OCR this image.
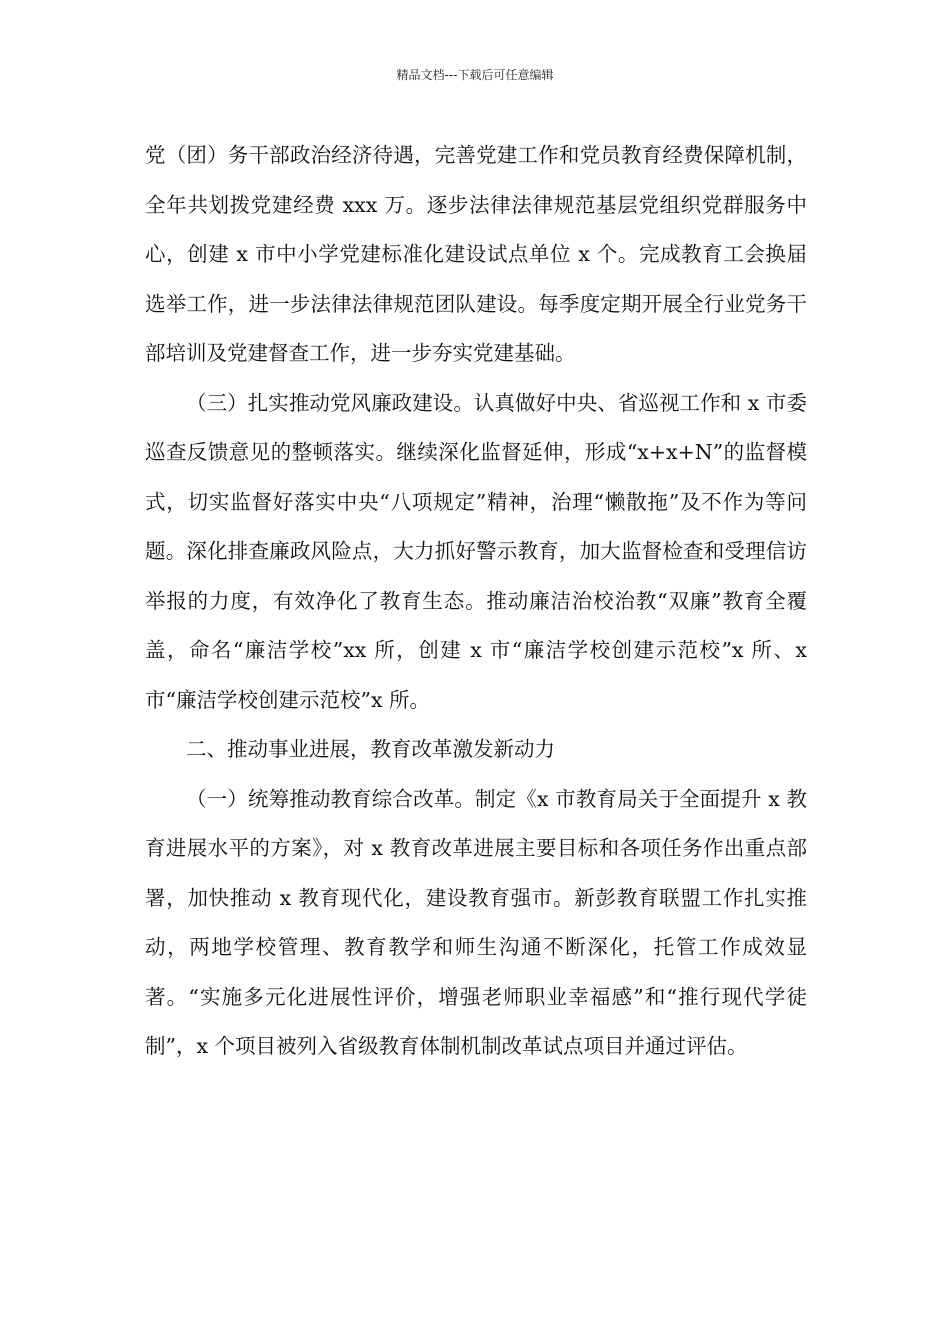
精品文档---下载后可任意编辑

党（团）务干部政治经济待遇，完善党建工作和党员教育经费保障机制，全年共划拨党建经费 xxx 万。逐步法律法律规范基层党组织党群服务中心，创建 x 市中小学党建标准化建设试点单位 x 个。完成教育工会换届选举工作，进一步法律法律规范团队建设。每季度定期开展全行业党务干部培训及党建督查工作，进一步夯实党建基础。

（三）扎实推动党风廉政建设。认真做好中央、省巡视工作和 x 市委巡查反馈意见的整顿落实。继续深化监督延伸，形成“x+x+N”的监督模式，切实监督好落实中央“八项规定”精神，治理“懒散拖”及不作为等问题。深化排查廉政风险点，大力抓好警示教育，加大监督检查和受理信访举报的力度，有效净化了教育生态。推动廉洁治校治教“双廉”教育全覆盖，命名“廉洁学校”xx 所，创建 x 市“廉洁学校创建示范校”x 所、x 市“廉洁学校创建示范校”x 所。

二、推动事业进展，教育改革激发新动力

（一）统筹推动教育综合改革。制定《x 市教育局关于全面提升 x 教育进展水平的方案》，对 x 教育改革进展主要目标和各项任务作出重点部署，加快推动 x 教育现代化，建设教育强市。新彭教育联盟工作扎实推动，两地学校管理、教育教学和师生沟通不断深化，托管工作成效显著。“实施多元化进展性评价，增强老师职业幸福感”和“推行现代学徒制”，x 个项目被列入省级教育体制机制改革试点项目并通过评估。
